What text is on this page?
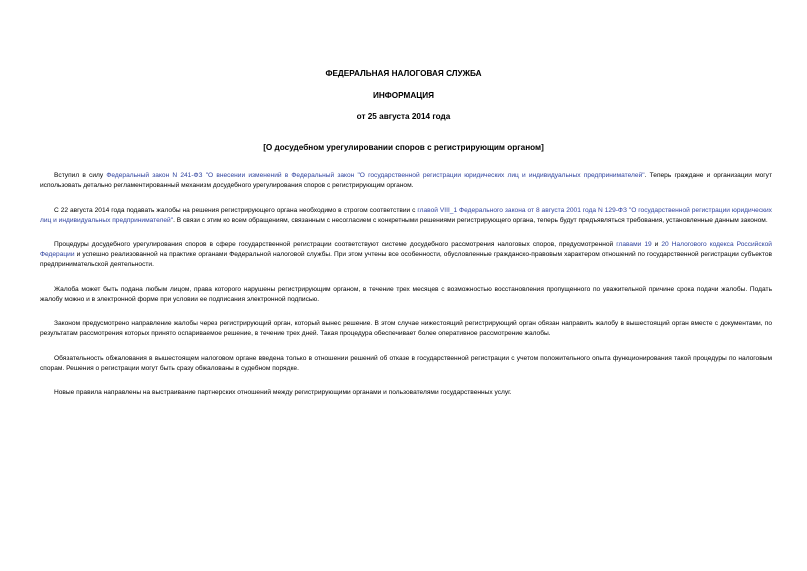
ФЕДЕРАЛЬНАЯ НАЛОГОВАЯ СЛУЖБА
ИНФОРМАЦИЯ
от 25 августа 2014 года
[О досудебном урегулировании споров с регистрирующим органом]

Вступил в силу Федеральный закон N 241-ФЗ "О внесении изменений в Федеральный закон "О государственной регистрации юридических лиц и индивидуальных предпринимателей". Теперь граждане и организации могут использовать детально регламентированный механизм досудебного урегулирования споров с регистрирующим органом.

С 22 августа 2014 года подавать жалобы на решения регистрирующего органа необходимо в строгом соответствии с главой VIII_1 Федерального закона от 8 августа 2001 года N 129-ФЗ "О государственной регистрации юридических лиц и индивидуальных предпринимателей". В связи с этим ко всем обращениям, связанным с несогласием с конкретными решениями регистрирующего органа, теперь будут предъявляться требования, установленные данным законом.

Процедуры досудебного урегулирования споров в сфере государственной регистрации соответствуют системе досудебного рассмотрения налоговых споров, предусмотренной главами 19 и 20 Налогового кодекса Российской Федерации и успешно реализованной на практике органами Федеральной налоговой службы. При этом учтены все особенности, обусловленные гражданско-правовым характером отношений по государственной регистрации субъектов предпринимательской деятельности.

Жалоба может быть подана любым лицом, права которого нарушены регистрирующим органом, в течение трех месяцев с возможностью восстановления пропущенного по уважительной причине срока подачи жалобы. Подать жалобу можно и в электронной форме при условии ее подписания электронной подписью.

Законом предусмотрено направление жалобы через регистрирующий орган, который вынес решение. В этом случае нижестоящий регистрирующий орган обязан направить жалобу в вышестоящий орган вместе с документами, по результатам рассмотрения которых принято оспариваемое решение, в течение трех дней. Такая процедура обеспечивает более оперативное рассмотрение жалобы.

Обязательность обжалования в вышестоящем налоговом органе введена только в отношении решений об отказе в государственной регистрации с учетом положительного опыта функционирования такой процедуры по налоговым спорам. Решения о регистрации могут быть сразу обжалованы в судебном порядке.

Новые правила направлены на выстраивание партнерских отношений между регистрирующими органами и пользователями государственных услуг.
